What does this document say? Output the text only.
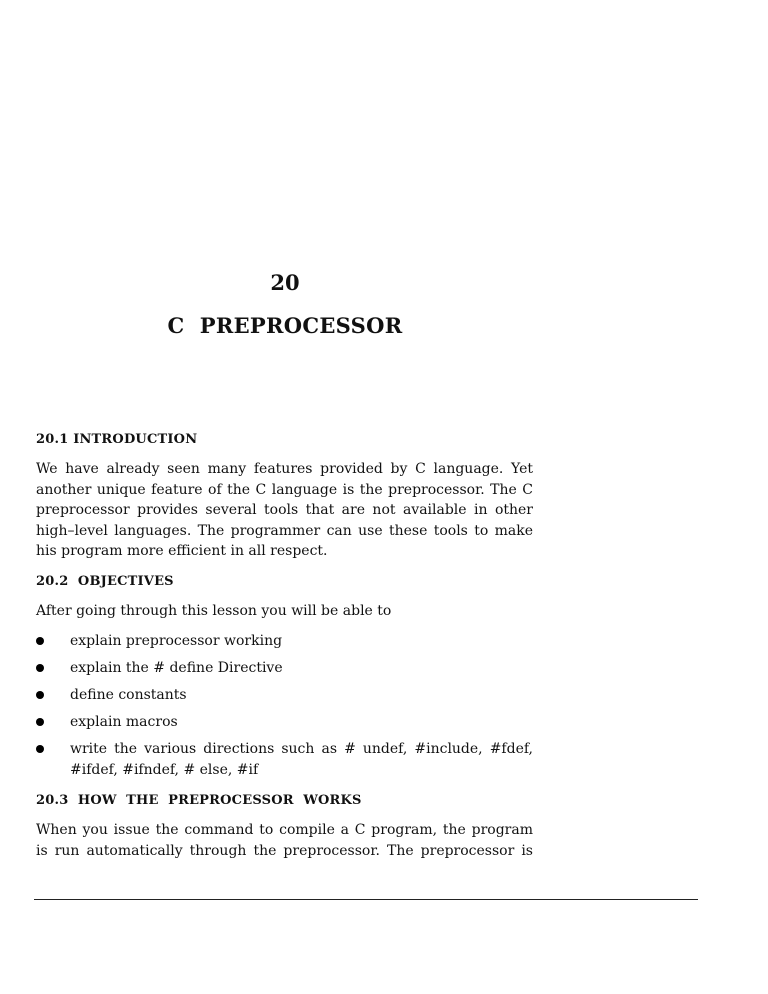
20
C  PREPROCESSOR
20.1 INTRODUCTION
We have already seen many features provided by C language. Yet another unique feature of the C language is the preprocessor. The C preprocessor provides several tools that are not available in other high–level languages. The programmer can use these tools to make his program more efficient in all respect.
20.2  OBJECTIVES
After going through this lesson you will be able to
explain preprocessor working
explain the # define Directive
define constants
explain macros
write the various directions such as # undef, #include, #fdef, #ifdef, #ifndef, # else, #if
20.3  HOW  THE  PREPROCESSOR  WORKS
When you issue the command to compile a C program, the program is run automatically through the preprocessor. The preprocessor is
